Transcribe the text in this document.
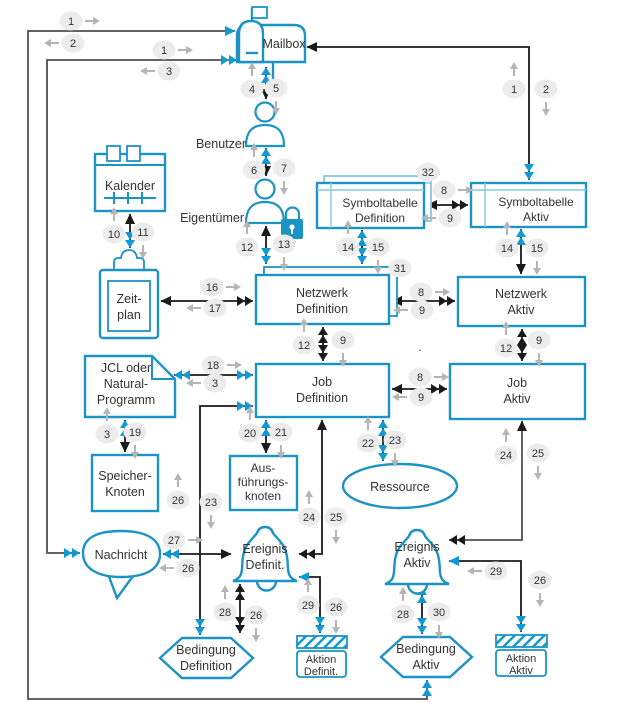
Mailbox
Benutzer
Eigentümer
Kalender
Zeit-plan
Symboltabelle Definition
Symboltabelle Aktiv
Netzwerk Definition
Netzwerk Aktiv
Job Definition
Job Aktiv
JCL oder Natural-Programm
Speicher-Knoten
Aus-führungs-knoten
Ressource
Nachricht	Ereignis Definit.
Ereignis Aktiv
Bedingung Definition
Bedingung Aktiv
Aktion Definit.
Aktion Aktiv
.
1
2
1
3
4 5
6 7
12 13
32
8
9
14 15
1 2
14 15
31
8
9
10 11
16
17
12	9
12
9
8
9
18
3
3 19	20 21
22 23
26 23
24 25
24 25
27
26
28 26
29 26
29
26
28 30
